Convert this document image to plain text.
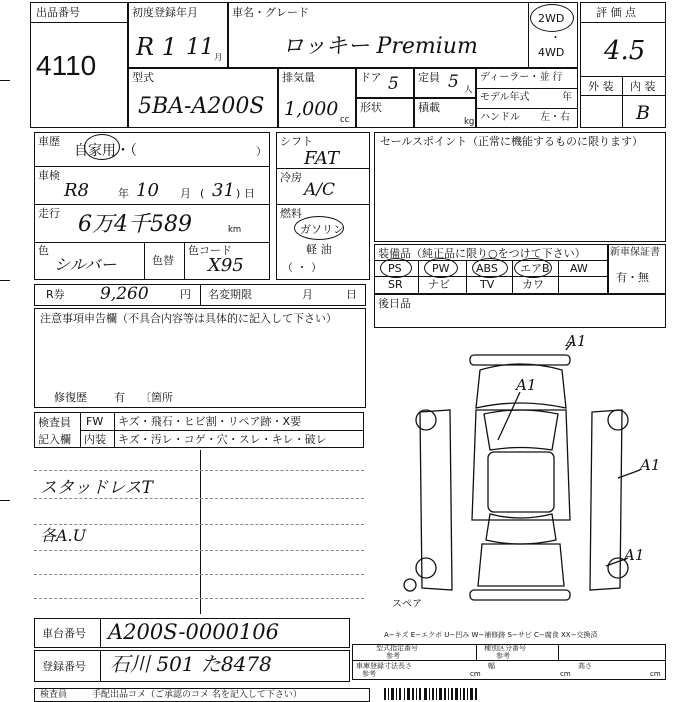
出品番号
4110
初度登録年月
R 1 11 月
車名・グレード
ロッキー Premium
2WD
・
4WD
評 価 点
4.5
外 装 内 装
B
型式
5BA-A200S
排気量
1,000 cc
ドア 5 定員 5 人
形状	積載
kg
ディーラー・並 行
モデル年式	年
ハンドル 左・右
車歴
自家用・（	）
車検
R8	年 10 月 ( 31 ) 日
走行 6万4千589	km
色
シルバー	色替
色コード
X95
シフト
FAT
冷房
A/C
燃料
ガソリン
軽 油
（ ・ ）
セールスポイント（正常に機能するものに限ります）
装備品（純正品に限り○をつけて下さい）
PS	PW ABS エアB AW
SR ナビ	TV	カワ
新車保証書
有・無
後日品
R券 9,260	円 名変期限	月	日
注意事項申告欄（不具合内容等は具体的に記入して下さい）
修復歴 有 〔箇所
検査員
記入欄
FW キズ・飛石・ヒビ割・リペア跡・X要
内装 キズ・汚レ・コゲ・穴・スレ・キレ・破レ
スタッドレスT
各A.U
A1
A1
A1
A1
スペア
車台番号 A200S-0000106
登録番号 石川 501 た8478
A−キズ E−エクボ U−凹み W−補修跡 S−サビ C−腐食 XX−交換済
型式指定番号
参考
種別区分番号
参考
車庫登録寸法
参考
長さ
cm
幅
cm
高さ
cm
検査員	手配出品コメ（ご承認のコメ 名を記入して下さい）
